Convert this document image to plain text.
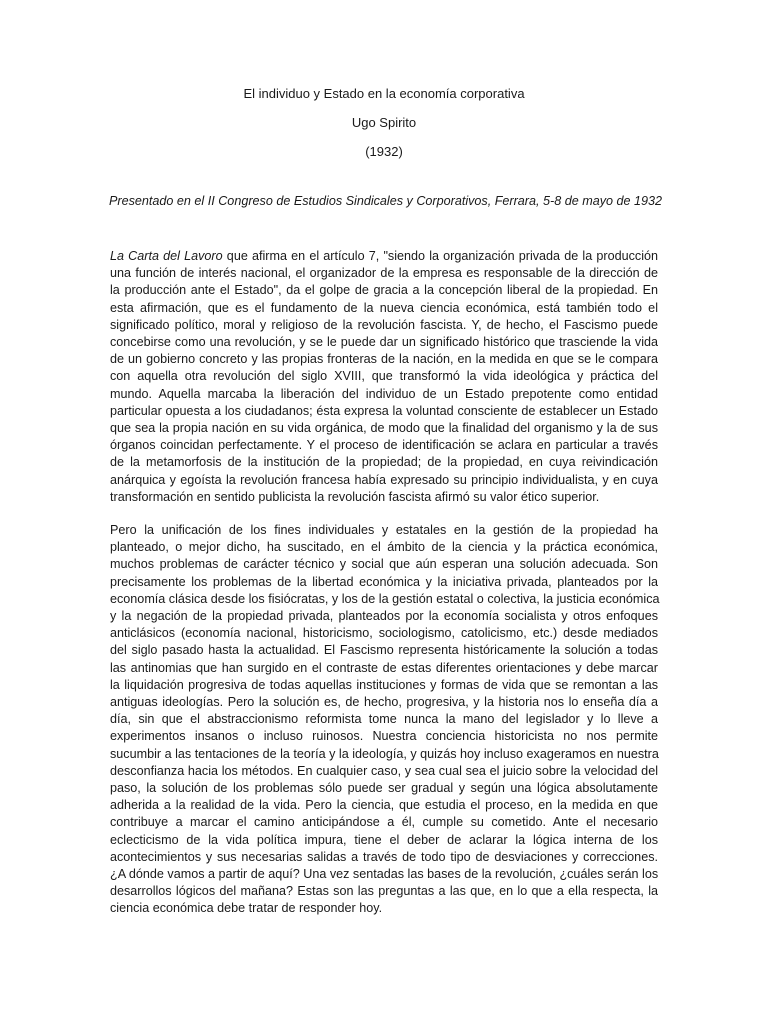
El individuo y Estado en la economía corporativa
Ugo Spirito
(1932)
Presentado en el II Congreso de Estudios Sindicales y Corporativos, Ferrara, 5-8 de mayo de 1932
La Carta del Lavoro que afirma en el artículo 7, "siendo la organización privada de la producción
una función de interés nacional, el organizador de la empresa es responsable de la dirección de
la producción ante el Estado", da el golpe de gracia a la concepción liberal de la propiedad. En
esta afirmación, que es el fundamento de la nueva ciencia económica, está también todo el
significado político, moral y religioso de la revolución fascista. Y, de hecho, el Fascismo puede
concebirse como una revolución, y se le puede dar un significado histórico que trasciende la vida
de un gobierno concreto y las propias fronteras de la nación, en la medida en que se le compara
con aquella otra revolución del siglo XVIII, que transformó la vida ideológica y práctica del
mundo. Aquella marcaba la liberación del individuo de un Estado prepotente como entidad
particular opuesta a los ciudadanos; ésta expresa la voluntad consciente de establecer un Estado
que sea la propia nación en su vida orgánica, de modo que la finalidad del organismo y la de sus
órganos coincidan perfectamente. Y el proceso de identificación se aclara en particular a través
de la metamorfosis de la institución de la propiedad; de la propiedad, en cuya reivindicación
anárquica y egoísta la revolución francesa había expresado su principio individualista, y en cuya
transformación en sentido publicista la revolución fascista afirmó su valor ético superior.
Pero la unificación de los fines individuales y estatales en la gestión de la propiedad ha
planteado, o mejor dicho, ha suscitado, en el ámbito de la ciencia y la práctica económica,
muchos problemas de carácter técnico y social que aún esperan una solución adecuada. Son
precisamente los problemas de la libertad económica y la iniciativa privada, planteados por la
economía clásica desde los fisiócratas, y los de la gestión estatal o colectiva, la justicia económica
y la negación de la propiedad privada, planteados por la economía socialista y otros enfoques
anticlásicos (economía nacional, historicismo, sociologismo, catolicismo, etc.) desde mediados
del siglo pasado hasta la actualidad. El Fascismo representa históricamente la solución a todas
las antinomias que han surgido en el contraste de estas diferentes orientaciones y debe marcar
la liquidación progresiva de todas aquellas instituciones y formas de vida que se remontan a las
antiguas ideologías. Pero la solución es, de hecho, progresiva, y la historia nos lo enseña día a
día, sin que el abstraccionismo reformista tome nunca la mano del legislador y lo lleve a
experimentos insanos o incluso ruinosos. Nuestra conciencia historicista no nos permite
sucumbir a las tentaciones de la teoría y la ideología, y quizás hoy incluso exageramos en nuestra
desconfianza hacia los métodos. En cualquier caso, y sea cual sea el juicio sobre la velocidad del
paso, la solución de los problemas sólo puede ser gradual y según una lógica absolutamente
adherida a la realidad de la vida. Pero la ciencia, que estudia el proceso, en la medida en que
contribuye a marcar el camino anticipándose a él, cumple su cometido. Ante el necesario
eclecticismo de la vida política impura, tiene el deber de aclarar la lógica interna de los
acontecimientos y sus necesarias salidas a través de todo tipo de desviaciones y correcciones.
¿A dónde vamos a partir de aquí? Una vez sentadas las bases de la revolución, ¿cuáles serán los
desarrollos lógicos del mañana? Estas son las preguntas a las que, en lo que a ella respecta, la
ciencia económica debe tratar de responder hoy.
